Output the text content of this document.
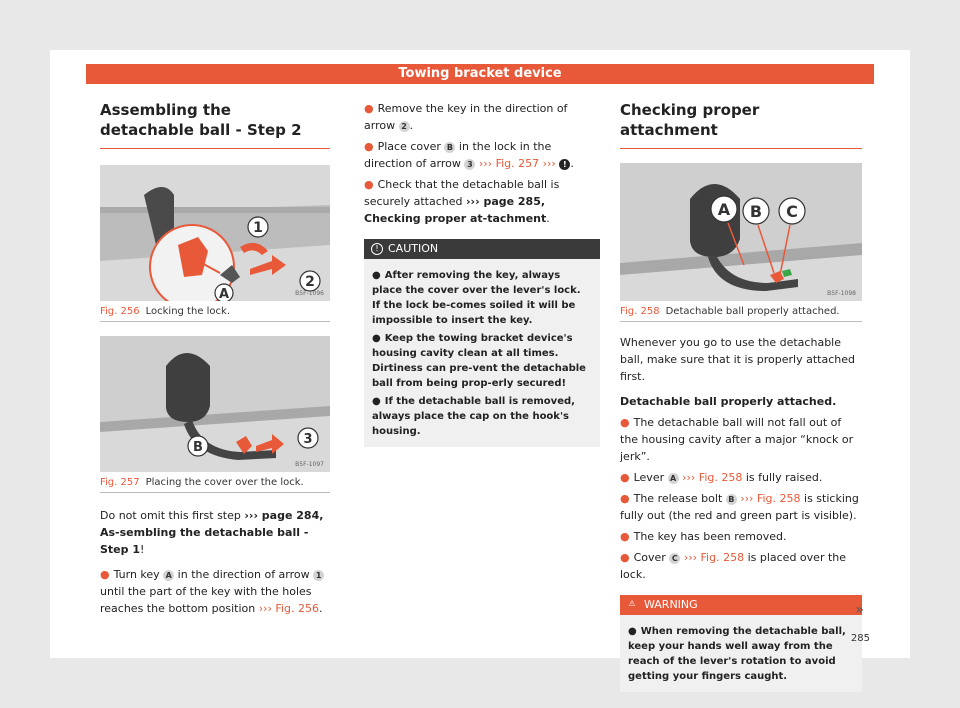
Towing bracket device
Assembling the detachable ball - Step 2
1
2
A	B5F-1096
Fig. 256 Locking the lock.
B
3
B5F-1097
Fig. 257 Placing the cover over the lock.

Do not omit this first step ››› page 284, As-sembling the detachable ball - Step 1!

● Turn key A in the direction of arrow 1 until the part of the key with the holes reaches the bottom position ››› Fig. 256.
● Remove the key in the direction of arrow 2 .
● Place cover B in the lock in the direction of arrow 3 ››› Fig. 257 ››› ! .
● Check that the detachable ball is securely attached ››› page 285, Checking proper at-tachment.
! CAUTION
● After removing the key, always place the cover over the lever's lock. If the lock be-comes soiled it will be impossible to insert the key.
● Keep the towing bracket device's housing cavity clean at all times. Dirtiness can pre-vent the detachable ball from being prop-erly secured!
● If the detachable ball is removed, always place the cap on the hook's housing.
Checking proper attachment
A B C
B5F-1098
Fig. 258 Detachable ball properly attached.

Whenever you go to use the detachable ball, make sure that it is properly attached first.

Detachable ball properly attached.

● The detachable ball will not fall out of the housing cavity after a major “knock or jerk”.
● Lever A ››› Fig. 258 is fully raised.
● The release bolt B ››› Fig. 258 is sticking fully out (the red and green part is visible).
● The key has been removed.
● Cover C ››› Fig. 258 is placed over the lock.
⚠ WARNING
● When removing the detachable ball, keep your hands well away from the reach of the lever's rotation to avoid getting your fingers caught.
»
285
